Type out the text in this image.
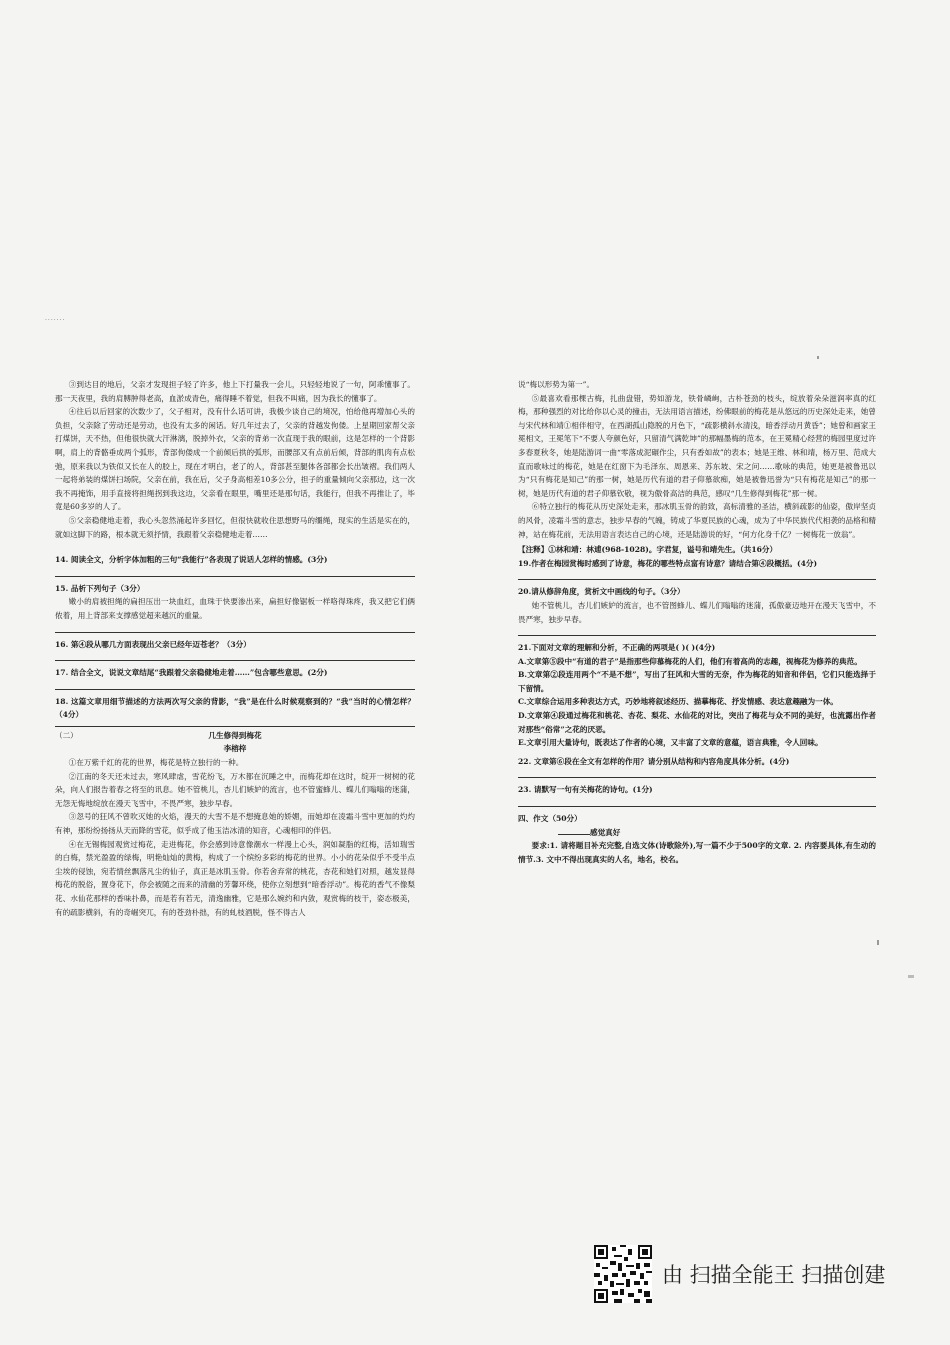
·······

③到达目的地后，父亲才发现担子轻了许多，他上下打量我一会儿，只轻轻地说了一句，阿乖懂事了。那一天夜里，我的肩膊肿得老高，血淤成青色，痛得睡不着觉，但我不叫痛，因为我长的懂事了。

④往后以后回家的次数少了，父子相对，没有什么话可讲，我极少谈自己的境况，怕给他再增加心头的负担，父亲除了劳动还是劳动，也没有太多的闲话。好几年过去了，父亲的背越发佝偻。上星期回家帮父亲打煤饼，天不热，但他很快就大汗淋漓，脱掉外衣，父亲的背弟一次直现于我的眼前，这是怎样的一个背影啊，肩上的背骼垂成两个弧形，背部佝偻成一个前倾后拱的弧形，而腰部又有点前后倾，背部的肌肉有点松弛，原来我以为铁似又长在人的胶上，现在才明白，老了的人，背部甚至腿体各部都会长出皱褶。我们两人一起将弟装的煤饼扫场院，父亲在前，我在后，父子身高相差10多公分，担子的重量倾向父亲那边，这一次我不再掩饰，用手直接将担绳拐到我这边，父亲看在眼里，嘴里还是那句话，我能行，但我不再推让了，毕竟是60多岁的人了。

⑤父亲稳健地走着，我心头忽然涌起许多回忆，但很快就收住思想野马的缰绳，现实的生活是实在的，就如这脚下的路，根本就无须抒情，我跟着父亲稳健地走着……

14. 阅读全文，分析字体加粗的三句“我能行”各表现了说话人怎样的情感。(3分)

15. 品析下列句子（3分）

嫩小的肩被担绳的扁担压出一块血红，血珠于快要渗出来，扁担好像锯板一样咯得珠疼，我又把它们俩侬着，用上背部来支撑感觉超来越沉的重量。

16. 第④段从哪几方面表现出父亲已经年迈苍老？（3分）

17. 结合全文，说说文章结尾“我跟着父亲稳健地走着……”包含哪些意思。(2分)

18. 这篇文章用细节描述的方法两次写父亲的背影，“我”是在什么时候观察到的？“我”当时的心情怎样？（4分）

（二）	几生修得到梅花
李榕梓

①在万紫千红的花的世界，梅花是特立独行的一种。

②江南的冬天还未过去，寒风肆虐，雪花纷飞，万木都在沉睡之中，而梅花却在这时，绽开一树树的花朵，向人们报告着春之将至的讯息。她不管桃儿，杏儿们嫉妒的流言，也不管蜜蜂儿、蝶儿们嗡嗡的迷蒲，无怨无悔地绽放在漫天飞雪中，不畏严寒，独步早春。

③忽号的狂风不曾吹灭她的火焰，漫天的大雪不是不想掩息她的娇媚，而她却在凌霜斗雪中更加的灼灼有神，那纷纷扬扬从天而降的雪花，似乎成了他玉洁冰清的知音，心魂相印的伴侣。

④在无锡梅园观赏过梅花，走进梅花，你会感到诗意像潮水一样漫上心头，润如凝脂的红梅，活如瑞雪的白梅，禁光盈盈的绿梅，明艳灿灿的黄梅，构成了一个缤纷多彩的梅花的世界。小小的花朵似乎不受半点尘埃的侵蚀，宛若情丝飘落凡尘的仙子，真正是冰肌玉骨。你若舍弃常的桃花，杏花和她们对照，越发显得梅花的脱俗，置身花下，你会被随之而来的清幽的芳馨环绕，使你立刻想到“暗香浮动”。梅花的香气不像梨花、水仙花那样的香味扑鼻，而是若有若无，清逸幽雅，它是那么婉约和内敛，观赏梅的枝干，姿态极美，有的疏影横斜，有的奇崛突兀，有的苍劲朴拙，有的虬枝酒脱，怪不得古人

说“梅以形势为第一”。

⑤最喜欢看那棵古梅，扎曲盘错，势如游龙，铁骨嶙峋，古朴苍劲的枝头，绽放着朵朵滋润率真的红梅，那种强烈的对比给你以心灵的撞击，无法用语言描述，纷佛眼前的梅花是从悠远的历史深处走来，她曾与宋代林和靖①相伴相守，在西湖孤山隐脱的月色下，“疏影横斜水清浅，暗香浮动月黄昏”；她曾和画家王冕相文，王冕笔下“不要人夸颜色好，只留清气满乾坤”的那幅墨梅的范本，在王冕精心经营的梅园里度过许多春夏秋冬，她是陆游词一曲“零落成泥碾作尘，只有香如故”的表本；她是王维、林和靖，杨万里、范成大直而歌咏过的梅花，她是在红窗下为毛泽东、周恩来、苏东坡、宋之问……歌咏的典范，她更是被鲁迅以为“只有梅花是知己”的那一树，她是历代有道的君子仰慕欲痴，她是被鲁迅誉为“只有梅花是知己”的那一树，她是历代有道的君子仰慕钦敬，视为傲骨高洁的典范，感叹“几生修得到梅花”那一树。

⑥特立独行的梅花从历史深处走来，那冰肌玉骨的韵致，高标清雅的圣洁，横斜疏影的仙姿，傲岸坚贞的风骨，凌霜斗雪的意志，独步早春的气魄，铸成了华夏民族的心魂，成为了中华民族代代相袭的品格和精神，站在梅花前，无法用语言表达自己的心境，还是陆游说的好，“何方化身千亿？一树梅花一放翁”。

【注释】①林和靖：林逋(968-1028)。字君复，谥号和靖先生。（共16分）

19.作者在梅园赏梅时感到了诗意，梅花的哪些特点富有诗意？请结合第④段概括。(4分)

20.请从修辞角度，赏析文中画线的句子。（3分）

她不管桃儿，杏儿们嫉妒的流言，也不管图蜂儿、蝶儿们嗡嗡的迷蒲，孤傲豪迈地开在漫天飞雪中，不畏严寒，独步早春。

21.下面对文章的理解和分析，不正确的两项是( )( )(4分)

A.文章第⑤段中“有道的君子”是指那些仰慕梅花的人们，他们有着高尚的志趣，视梅花为修养的典范。

B.文章第②段连用两个“不是不想”，写出了狂风和大雪的无奈，作为梅花的知音和伴侣，它们只能选择于下留情。

C.文章综合运用多种表达方式，巧妙地将叙述经历、描摹梅花、抒发情感、表达意趣融为一体。

D.文章第④段通过梅花和桃花、杏花、梨花、水仙花的对比，突出了梅花与众不同的美好，也流露出作者对那些“俗常”之花的厌恶。

E.文章引用大量诗句，既表达了作者的心境，又丰富了文章的意蕴，语言典雅，令人回味。

22. 文章第⑥段在全文有怎样的作用？请分别从结构和内容角度具体分析。(4分)

23. 请默写一句有关梅花的诗句。(1分)

四、作文（50分）

感觉真好

要求:1. 请将题目补充完整,自选文体(诗歌除外),写一篇不少于500字的文章. 2. 内容要具体,有生动的情节.3. 文中不得出现真实的人名，地名，校名。

由 扫描全能王 扫描创建
